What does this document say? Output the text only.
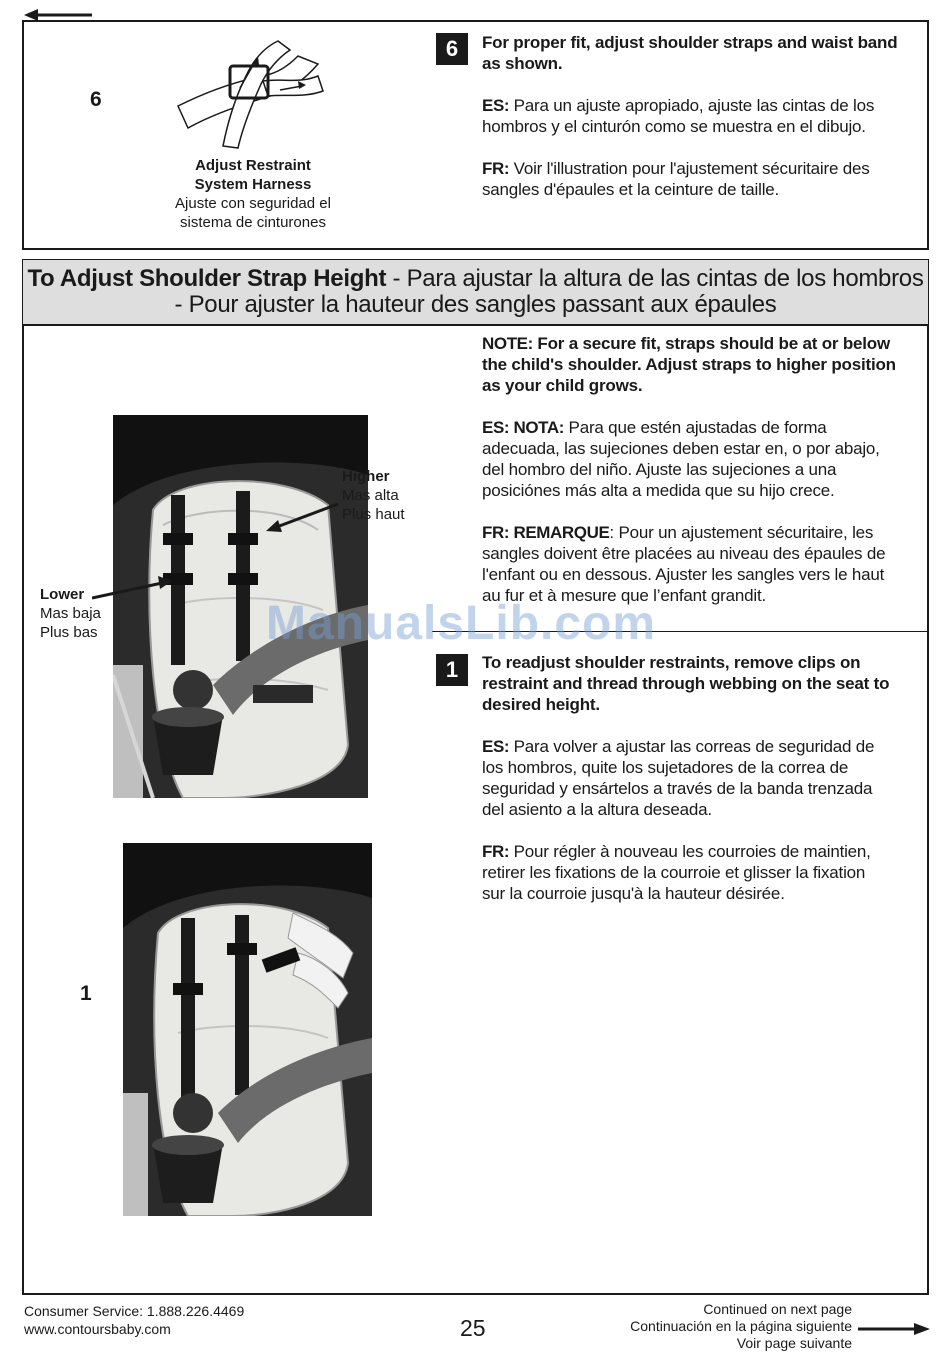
6
Adjust Restraint
System Harness
Ajuste con seguridad el
sistema de cinturones
6	For proper fit, adjust shoulder straps and waist band
as shown.
ES: Para un ajuste apropiado, ajuste las cintas de los
hombros y el cinturón como se muestra en el dibujo.
FR: Voir l'illustration pour l'ajustement sécuritaire des
sangles d'épaules et la ceinture de taille.
To Adjust Shoulder Strap Height - Para ajustar la altura de las cintas de los hombros
- Pour ajuster la hauteur des sangles passant aux épaules
NOTE: For a secure fit, straps should be at or below
the child's shoulder. Adjust straps to higher position
as your child grows.
ES: NOTA: Para que estén ajustadas de forma
adecuada, las sujeciones deben estar en, o por abajo,
del hombro del niño. Ajuste las sujeciones a una
posiciónes más alta a medida que su hijo crece.
FR: REMARQUE: Pour un ajustement sécuritaire, les
sangles doivent être placées au niveau des épaules de
l'enfant ou en dessous. Ajuster les sangles vers le haut
au fur et à mesure que l’enfant grandit.
Higher
Mas alta
Plus haut
Lower
Mas baja
Plus bas	ManualsLib.com
1	To readjust shoulder restraints, remove clips on
restraint and thread through webbing on the seat to
desired height.
ES: Para volver a ajustar las correas de seguridad de
los hombros, quite los sujetadores de la correa de
seguridad y ensártelos a través de la banda trenzada
del asiento a la altura deseada.
FR: Pour régler à nouveau les courroies de maintien,
retirer les fixations de la courroie et glisser la fixation
sur la courroie jusqu'à la hauteur désirée.
1
Consumer Service: 1.888.226.4469
www.contoursbaby.com	25
Continued on next page
Continuación en la página siguiente
Voir page suivante
